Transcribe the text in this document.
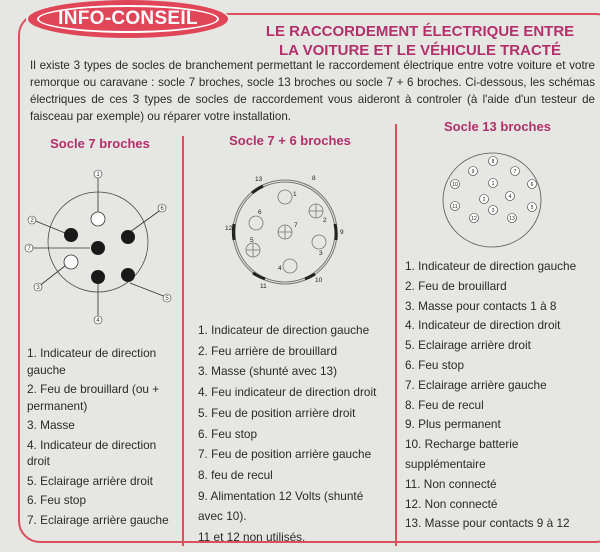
INFO-CONSEIL
LE RACCORDEMENT ÉLECTRIQUE ENTRE
LA VOITURE ET LE VÉHICULE TRACTÉ
Il existe 3 types de socles de branchement permettant le raccordement électrique entre votre voiture et votre remorque ou caravane : socle 7 broches, socle 13 broches ou socle 7 + 6 broches. Ci-dessous, les schémas électriques de ces 3 types de socles de raccordement vous aideront à controler (à l'aide d'un testeur de faisceau par exemple) ou réparer votre installation.
Socle 7 broches
1
2
3
4
5
6
7
1. Indicateur de direction gauche
2. Feu de brouillard (ou + permanent)
3. Masse
4. Indicateur de direction droit
5. Eclairage arrière droit
6. Feu stop
7. Eclairage arrière gauche
Socle 7 + 6 broches
1
2
3
4
5
6
7
8
9
10
11
12
13
1. Indicateur de direction gauche
2. Feu arrière de brouillard
3. Masse (shunté avec 13)
4. Feu indicateur de direction droit
5. Feu de position arrière droit
6. Feu stop
7. Feu de position arrière gauche
8. feu de recul
9. Alimentation 12 Volts (shunté avec 10).
11 et 12 non utilisés.
Socle 13 broches
1
2
3
4
5
6
7
8
9
10
11
12	13
1. Indicateur de direction gauche
2. Feu de brouillard
3. Masse pour contacts 1 à 8
4. Indicateur de direction droit
5. Eclairage arrière droit
6. Feu stop
7. Eclairage arrière gauche
8. Feu de recul
9. Plus permanent
10. Recharge batterie supplémentaire
11. Non connecté
12. Non connecté
13. Masse pour contacts 9 à 12
